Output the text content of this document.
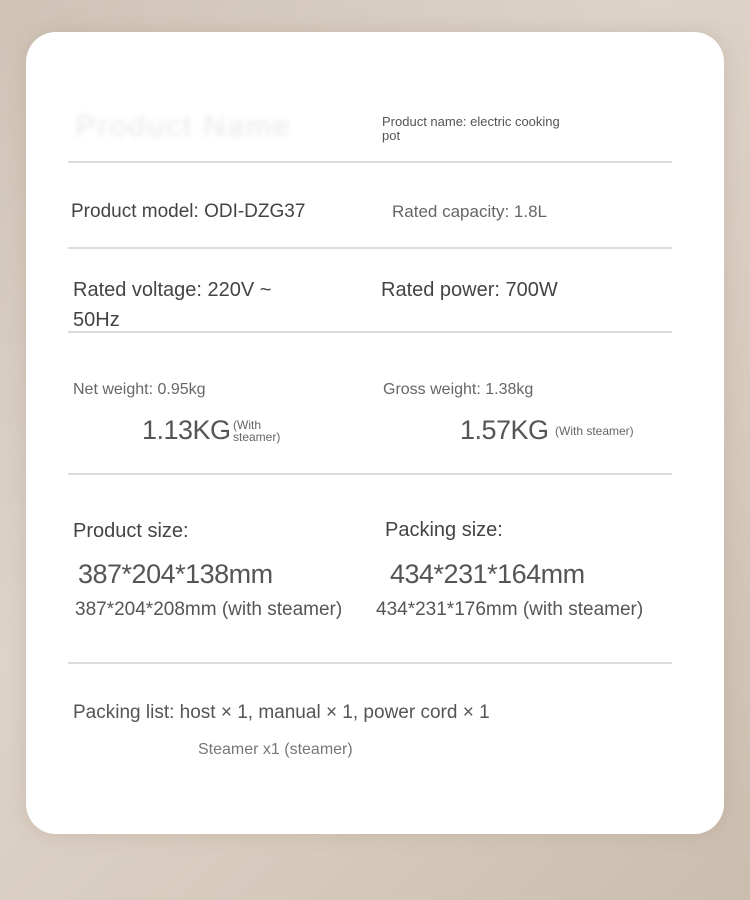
Product Name	Product name: electric cooking
pot
Product model: ODI-DZG37	Rated capacity: 1.8L
Rated voltage: 220V ~
50Hz
Rated power: 700W
Net weight: 0.95kg
1.13KG (With
steamer)
Gross weight: 1.38kg
1.57KG (With steamer)
Product size:
387*204*138mm
387*204*208mm (with steamer)
Packing size:
434*231*164mm
434*231*176mm (with steamer)
Packing list: host × 1, manual × 1, power cord × 1
Steamer x1 (steamer)
